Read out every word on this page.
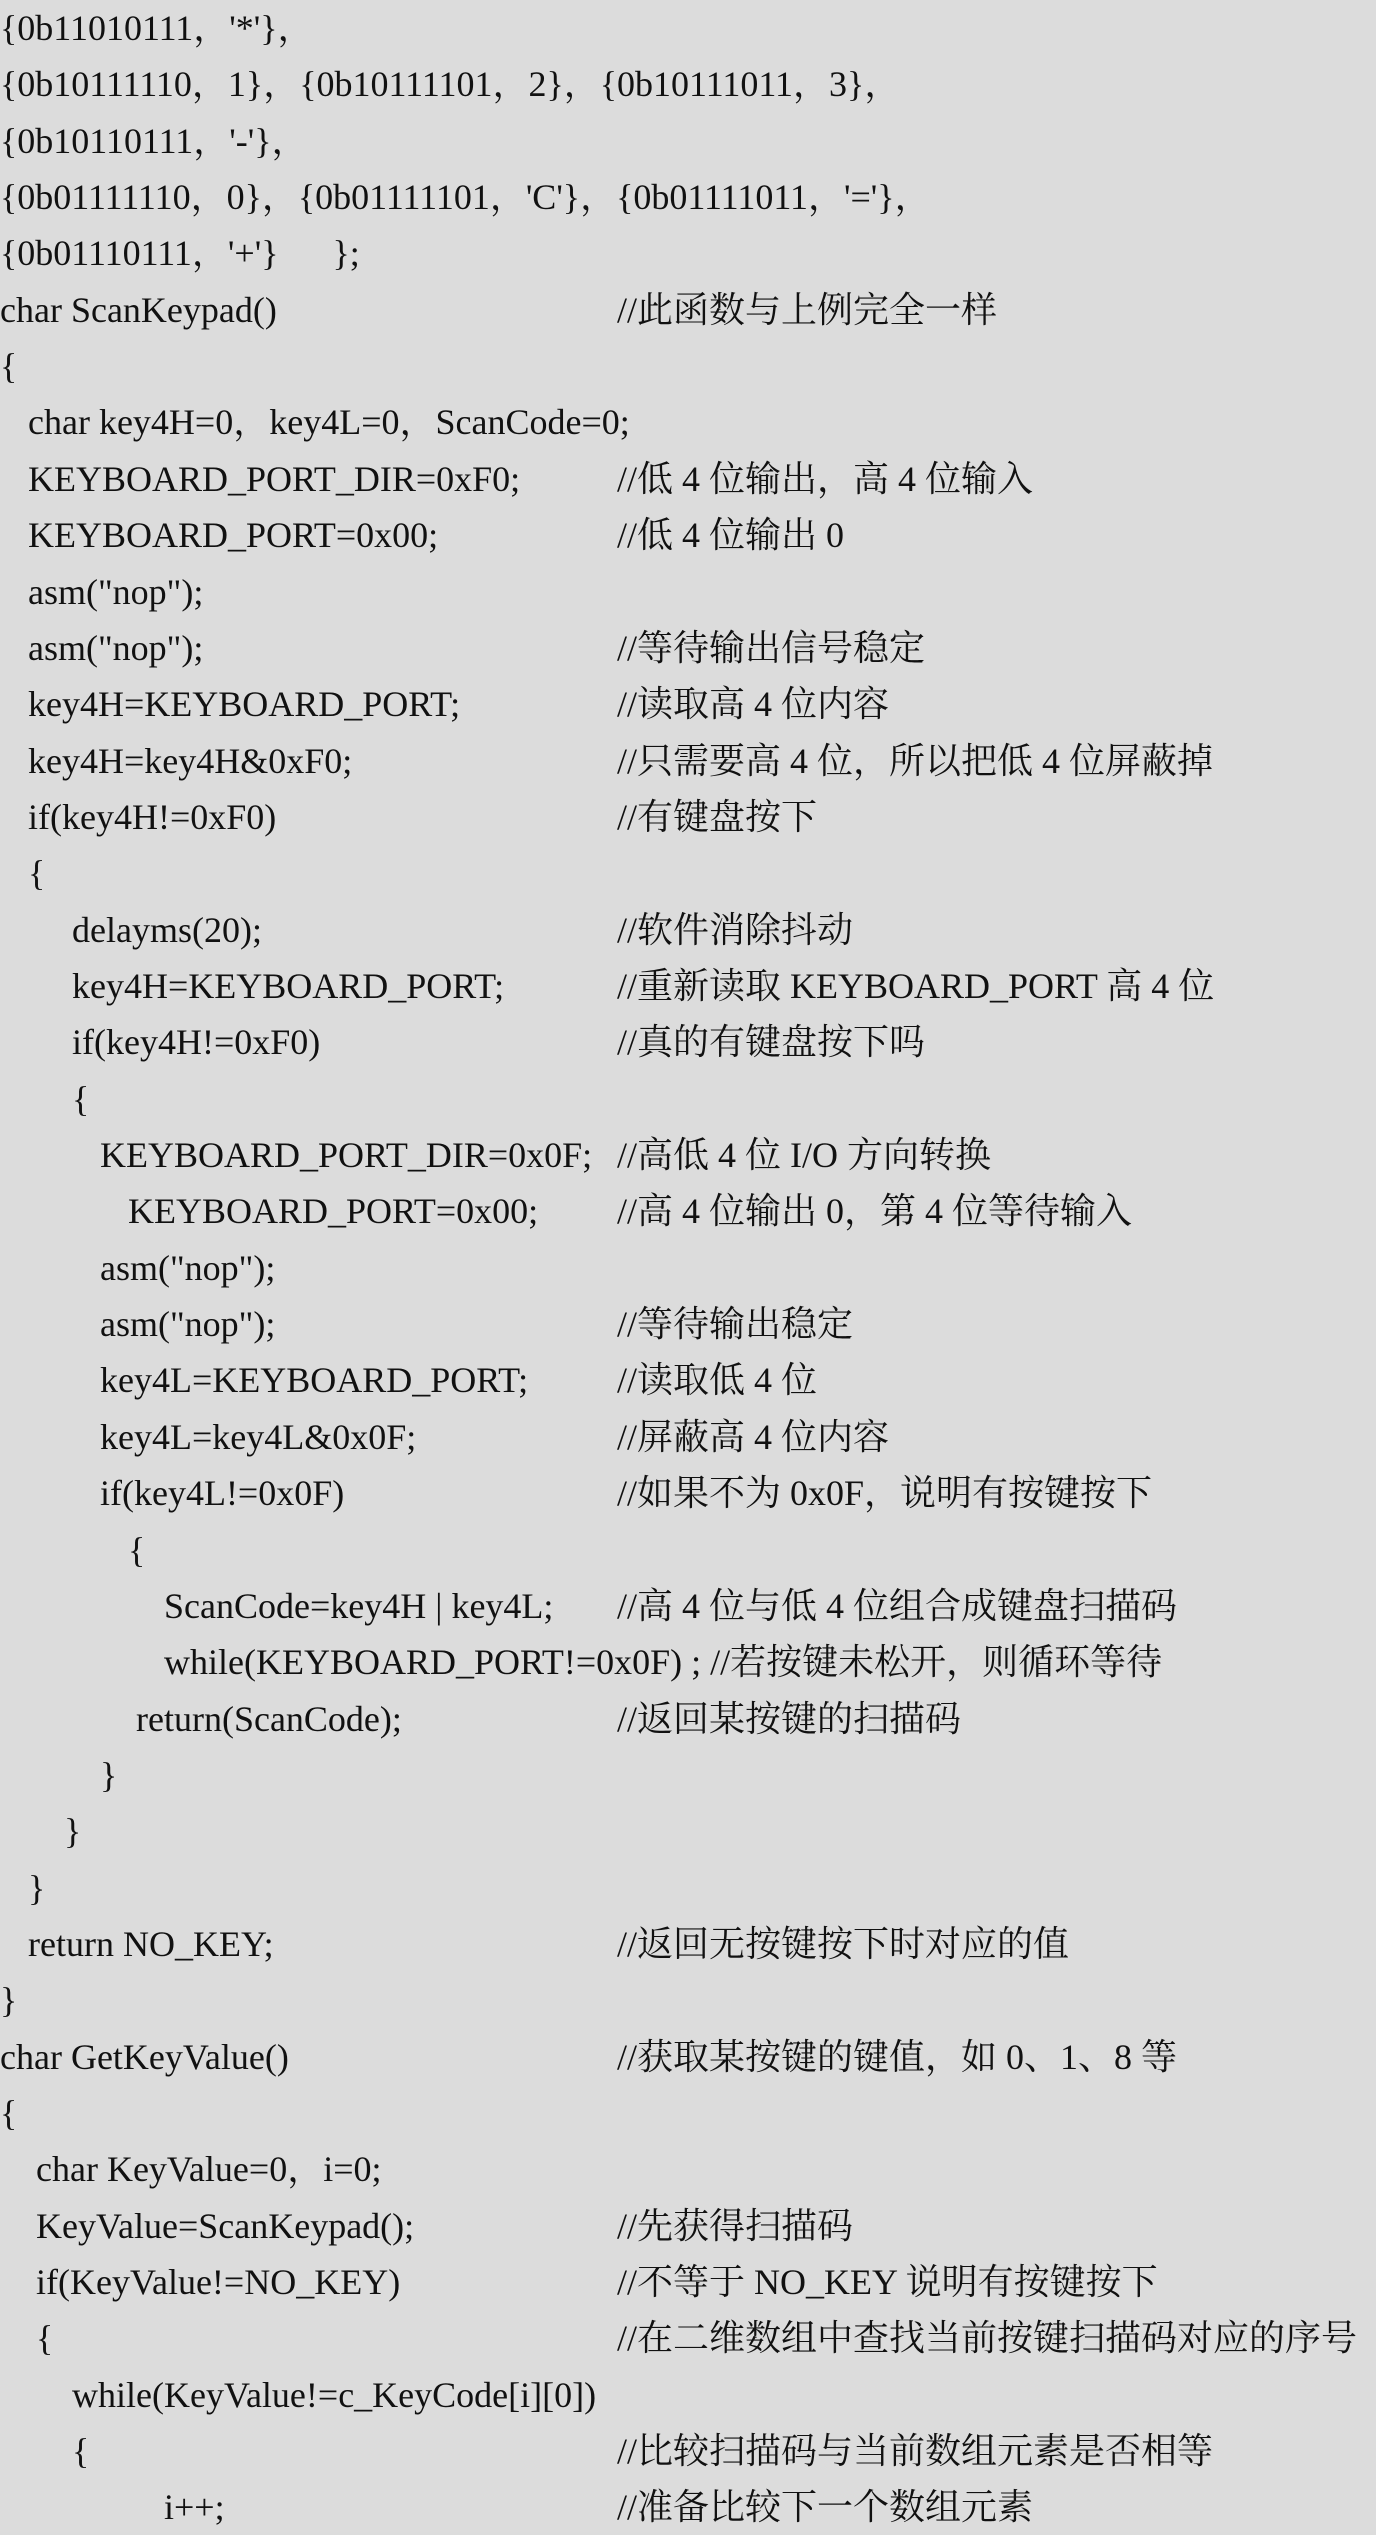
{0b11010111，'*'}，
{0b10111110，1}，{0b10111101，2}，{0b10111011，3}，
{0b10110111，'-'}，
{0b01111110，0}，{0b01111101，'C'}，{0b01111011，'='}，
{0b01110111，'+'}      };
char ScanKeypad()	//此函数与上例完全一样
{
char key4H=0，key4L=0，ScanCode=0;
KEYBOARD_PORT_DIR=0xF0;	//低 4 位输出，高 4 位输入
KEYBOARD_PORT=0x00;	//低 4 位输出 0
asm("nop");
asm("nop");	//等待输出信号稳定
key4H=KEYBOARD_PORT;	//读取高 4 位内容
key4H=key4H&0xF0;	//只需要高 4 位，所以把低 4 位屏蔽掉
if(key4H!=0xF0)	//有键盘按下
{
delayms(20);	//软件消除抖动
key4H=KEYBOARD_PORT;	//重新读取 KEYBOARD_PORT 高 4 位
if(key4H!=0xF0)	//真的有键盘按下吗
{
KEYBOARD_PORT_DIR=0x0F; //高低 4 位 I/O 方向转换
KEYBOARD_PORT=0x00; //高 4 位输出 0，第 4 位等待输入
asm("nop");
asm("nop");	//等待输出稳定
key4L=KEYBOARD_PORT; //读取低 4 位
key4L=key4L&0x0F;	//屏蔽高 4 位内容
if(key4L!=0x0F)	//如果不为 0x0F，说明有按键按下
{
ScanCode=key4H | key4L; //高 4 位与低 4 位组合成键盘扫描码
while(KEYBOARD_PORT!=0x0F) ; //若按键未松开，则循环等待
return(ScanCode);	//返回某按键的扫描码
}
}
}
return NO_KEY;	//返回无按键按下时对应的值
}
char GetKeyValue()	//获取某按键的键值，如 0、1、8 等
{
char KeyValue=0，i=0;
KeyValue=ScanKeypad();	//先获得扫描码
if(KeyValue!=NO_KEY)	//不等于 NO_KEY 说明有按键按下
{	//在二维数组中查找当前按键扫描码对应的序号
while(KeyValue!=c_KeyCode[i][0])
{	//比较扫描码与当前数组元素是否相等
i++;	//准备比较下一个数组元素
